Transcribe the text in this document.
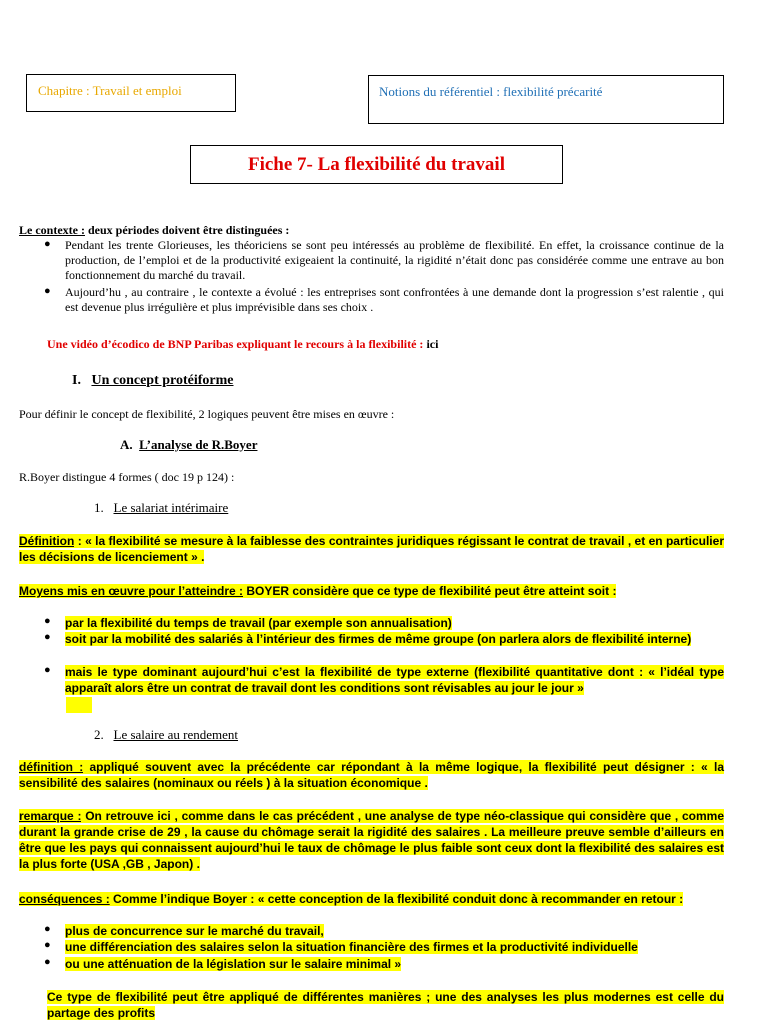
Chapitre : Travail et emploi	Notions du référentiel : flexibilité précarité
Fiche 7- La flexibilité du travail
Le contexte : deux périodes doivent être distinguées :
● Pendant les trente Glorieuses, les théoriciens se sont peu intéressés au problème de flexibilité. En effet, la croissance continue de la production, de l’emploi et de la productivité exigeaient la continuité, la rigidité n’était donc pas considérée comme une entrave au bon fonctionnement du marché du travail.

● Aujourd’hu , au contraire , le contexte a évolué : les entreprises sont confrontées à une demande dont la progression s’est ralentie , qui est devenue plus irrégulière et plus imprévisible dans ses choix .

Une vidéo d’écodico de BNP Paribas expliquant le recours à la flexibilité : ici
I. Un concept protéiforme
Pour définir le concept de flexibilité, 2 logiques peuvent être mises en œuvre :
A. L’analyse de R.Boyer
R.Boyer distingue 4 formes ( doc 19 p 124) :
1. Le salariat intérimaire
Définition : « la flexibilité se mesure à la faiblesse des contraintes juridiques régissant le contrat de travail , et en particulier les décisions de licenciement » .
Moyens mis en œuvre pour l’atteindre : BOYER considère que ce type de flexibilité peut être atteint soit :
● par la flexibilité du temps de travail (par exemple son annualisation)

● soit par la mobilité des salariés à l’intérieur des firmes de même groupe (on parlera alors de flexibilité interne)

● mais le type dominant aujourd’hui c’est la flexibilité de type externe (flexibilité quantitative dont : « l’idéal type apparaît alors être un contrat de travail dont les conditions sont révisables au jour le jour »

2. Le salaire au rendement
définition : appliqué souvent avec la précédente car répondant à la même logique, la flexibilité peut désigner : « la sensibilité des salaires (nominaux ou réels ) à la situation économique .
remarque : On retrouve ici , comme dans le cas précédent , une analyse de type néo-classique qui considère que , comme durant la grande crise de 29 , la cause du chômage serait la rigidité des salaires . La meilleure preuve semble d’ailleurs en être que les pays qui connaissent aujourd’hui le taux de chômage le plus faible sont ceux dont la flexibilité des salaires est la plus forte (USA ,GB , Japon) .
conséquences : Comme l’indique Boyer : « cette conception de la flexibilité conduit donc à recommander en retour :
● plus de concurrence sur le marché du travail,

● une différenciation des salaires selon la situation financière des firmes et la productivité individuelle

● ou une atténuation de la législation sur le salaire minimal »

Ce type de flexibilité peut être appliqué de différentes manières ; une des analyses les plus modernes est celle du partage des profits
